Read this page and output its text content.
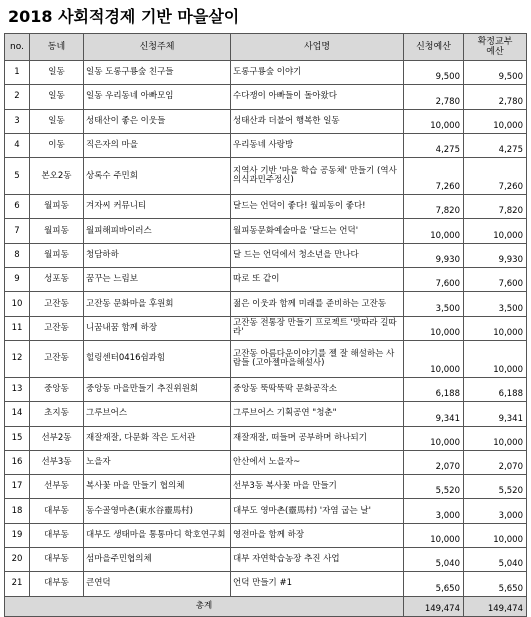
2018 사회적경제 기반 마을살이
no.	동네	신청주체	사업명	신청예산	확정교부
예산
1	일동	일동 도롱구룡숲 친구들	도롱구룡숲 이야기	9,500	9,500
2	일동	일동 우리동네 아빠모임	수다쟁이 아빠들이 돌아왔다	2,780	2,780
3	일동	성태산이 좋은 이웃들	성태산과 더불어 행복한 일동	10,000	10,000
4	이동	직은자의 마을	우리동네 사랑방	4,275	4,275
5	본오2동	상록수 주민회	지역사 기반 '마을 학습 공동체' 만들기 (역사의식과민주정신)	7,260	7,260
6	월피동	겨자씨 커뮤니티	달드는 언덕이 좋다! 월피동이 좋다!	7,820	7,820
7	월피동	월피해피바이러스	월피동문화예술마을 '달드는 언덕'	10,000	10,000
8	월피동	청담하하	달 드는 언덕에서 청소년을 만나다	9,930	9,930
9	성포동	꿈꾸는 느림보	따로 또 같이	7,600	7,600
10	고잔동	고잔동 문화마을 후원회	젊은 이웃과 함께 미래를 준비하는 고잔동	3,500	3,500
11	고잔동	니꿈내꿈 함께 하장	고잔동 전통장 만들기 프로젝트 '맛따라 길따라'	10,000	10,000
12	고잔동	힐링센터0416쉼과힘	고잔동 아름다운이야기를 젤 잘 해설하는 사람들 (고아젤마을해설사)	10,000	10,000
13	중앙동	중앙동 마을만들기 추진위원회	중앙동 뚝딱뚝딱 문화공작소	6,188	6,188
14	초지동	그루브어스	그루브어스 기획공연 "청춘"	9,341	9,341
15	선부2동	재잘재잘, 다문화 작은 도서관	재잘재잘, 떠들며 공부하며 하나되기	10,000	10,000
16	선부3동	노을자	안산에서 노을자~	2,070	2,070
17	선부동	복사꽃 마을 만들기 협의체	선부3동 복사꽃 마을 만들기	5,520	5,520
18	대부동	동수골영마촌(東水谷靈馬村)	대부도 영마촌(靈馬村) '자염 굽는 날'	3,000	3,000
19	대부동	대부도 생태마을 통통마디 학호연구회	영전마을 함께 하장	10,000	10,000
20	대부동	섬마을주민협의체	대부 자연학습농장 추진 사업	5,040	5,040
21	대부동	큰연덕	언덕 만들기 #1	5,650	5,650
총계				149,474	149,474
